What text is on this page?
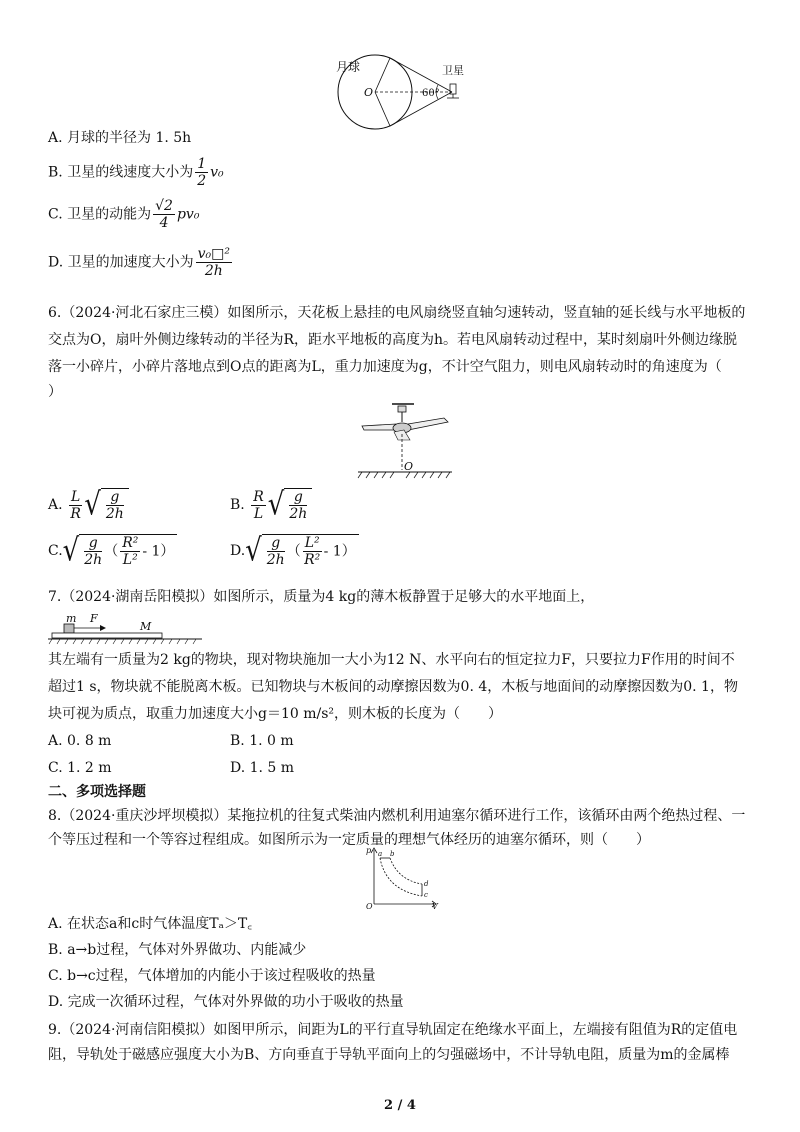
月球
O	60°
卫星
A. 月球的半径为 1. 5h
B. 卫星的线速度大小为 $\frac{1}{2} v_0$
C. 卫星的动能为 $\frac{√2}{4} pv_0$
D. 卫星的加速度大小为 $\frac{\text{v₀□²}}{2h}$
6.（2024·河北石家庄三模）如图所示，天花板上悬挂的电风扇绕竖直轴匀速转动，竖直轴的延长线与水平地板的
交点为O，扇叶外侧边缘转动的半径为R，距水平地板的高度为h。若电风扇转动过程中，某时刻扇叶外侧边缘脱
落一小碎片，小碎片落地点到O点的距离为L，重力加速度为g，不计空气阻力，则电风扇转动时的角速度为（
）
O
A. $\frac{L}{R}$ √ $\frac{g}{2h}$	B. $\frac{R}{L}$ √ $\frac{g}{2h}$
$C.√ \frac{g}{2h}$ （ $\frac{\text{R²}}{\text{L²}} - 1$）	$D.√ \frac{g}{2h}$ （ $\frac{\text{L²}}{\text{R²}} - 1$）
7.（2024·湖南岳阳模拟）如图所示，质量为4 kg的薄木板静置于足够大的水平地面上，
m F
M
其左端有一质量为2 kg的物块，现对物块施加一大小为12 N、水平向右的恒定拉力F，只要拉力F作用的时间不
超过1 s，物块就不能脱离木板。已知物块与木板间的动摩擦因数为0. 4，木板与地面间的动摩擦因数为0. 1，物
块可视为质点，取重力加速度大小g＝10 m/s²，则木板的长度为（　　）
A. 0. 8 m	B. 1. 0 m
C. 1. 2 m	D. 1. 5 m
二、多项选择题
8.（2024·重庆沙坪坝模拟）某拖拉机的往复式柴油内燃机利用迪塞尔循环进行工作，该循环由两个绝热过程、一
个等压过程和一个等容过程组成。如图所示为一定质量的理想气体经历的迪塞尔循环，则（　　）
p
V
O
a b
d
c
A. 在状态a和c时气体温度Tₐ＞T꜀
B. a→b过程，气体对外界做功、内能减少
C. b→c过程，气体增加的内能小于该过程吸收的热量
D. 完成一次循环过程，气体对外界做的功小于吸收的热量
9.（2024·河南信阳模拟）如图甲所示，间距为L的平行直导轨固定在绝缘水平面上，左端接有阻值为R的定值电
阻，导轨处于磁感应强度大小为B、方向垂直于导轨平面向上的匀强磁场中，不计导轨电阻，质量为m的金属棒
2 / 4
